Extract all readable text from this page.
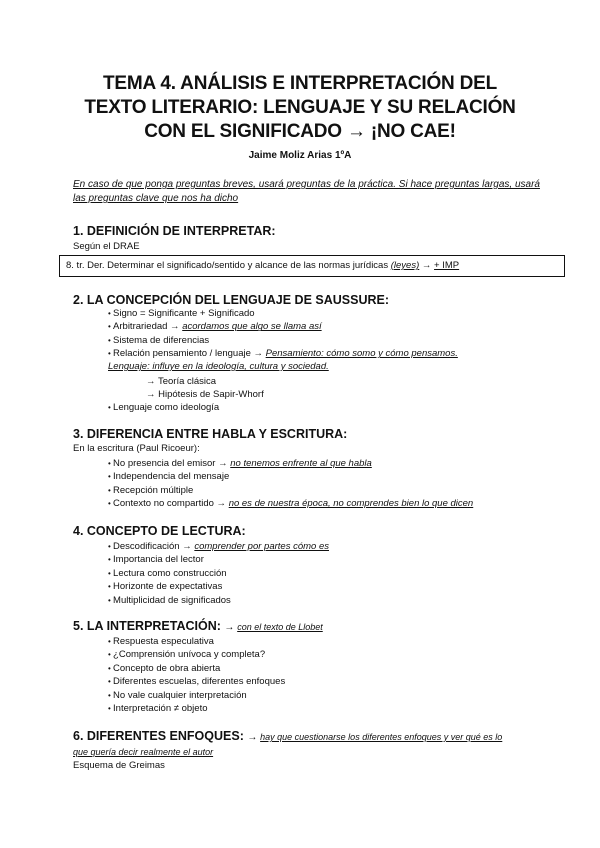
TEMA 4. ANÁLISIS E INTERPRETACIÓN DEL
TEXTO LITERARIO: LENGUAJE Y SU RELACIÓN
CON EL SIGNIFICADO → ¡NO CAE!
Jaime Moliz Arias 1ºA
En caso de que ponga preguntas breves, usará preguntas de la práctica. Si hace preguntas largas, usará las preguntas clave que nos ha dicho
1. DEFINICIÓN DE INTERPRETAR:
Según el DRAE
8. tr. Der. Determinar el significado/sentido y alcance de las normas jurídicas (leyes) → + IMP
2. LA CONCEPCIÓN DEL LENGUAJE DE SAUSSURE:
• Signo = Significante + Significado
• Arbitrariedad → acordamos que algo se llama así
• Sistema de diferencias
• Relación pensamiento / lenguaje → Pensamiento: cómo somo y cómo pensamos.
Lenguaje: influye en la ideología, cultura y sociedad.
→ Teoría clásica
→ Hipótesis de Sapir-Whorf
• Lenguaje como ideología
3. DIFERENCIA ENTRE HABLA Y ESCRITURA:
En la escritura (Paul Ricoeur):
• No presencia del emisor → no tenemos enfrente al que habla
• Independencia del mensaje
• Recepción múltiple
• Contexto no compartido → no es de nuestra época, no comprendes bien lo que dicen
4. CONCEPTO DE LECTURA:
• Descodificación → comprender por partes cómo es
• Importancia del lector
• Lectura como construcción
• Horizonte de expectativas
• Multiplicidad de significados
5. LA INTERPRETACIÓN: → con el texto de Llobet
• Respuesta especulativa
• ¿Comprensión unívoca y completa?
• Concepto de obra abierta
• Diferentes escuelas, diferentes enfoques
• No vale cualquier interpretación
• Interpretación ≠ objeto
6. DIFERENTES ENFOQUES: → hay que cuestionarse los diferentes enfoques y ver qué es lo
que quería decir realmente el autor
Esquema de Greimas
